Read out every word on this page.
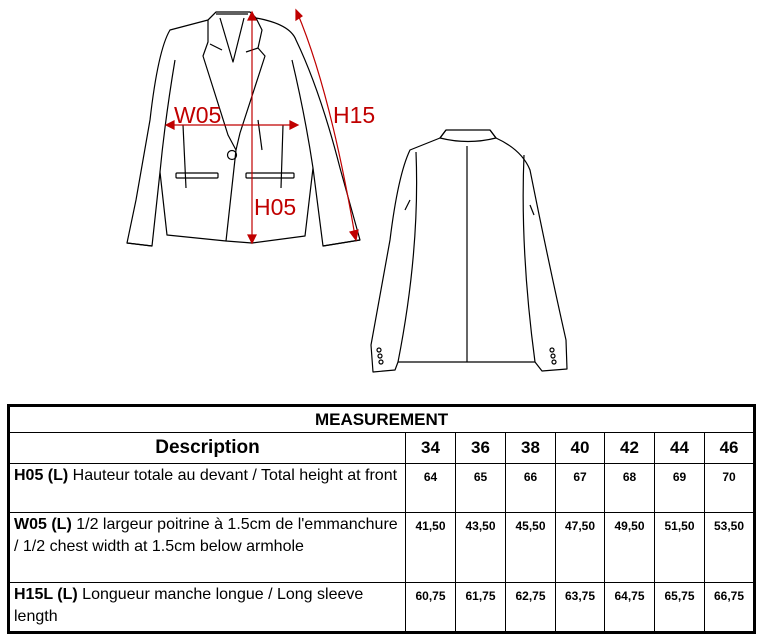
W05	H15
H05
MEASUREMENT							
Description	34	36	38	40	42	44	46
H05 (L) Hauteur totale au devant / Total height at front	64	65	66	67	68	69	70
W05 (L) 1/2 largeur poitrine à 1.5cm de l'emmanchure / 1/2 chest width at 1.5cm below armhole	41,50	43,50	45,50	47,50	49,50	51,50	53,50
H15L (L) Longueur manche longue / Long sleeve length	60,75	61,75	62,75	63,75	64,75	65,75	66,75
